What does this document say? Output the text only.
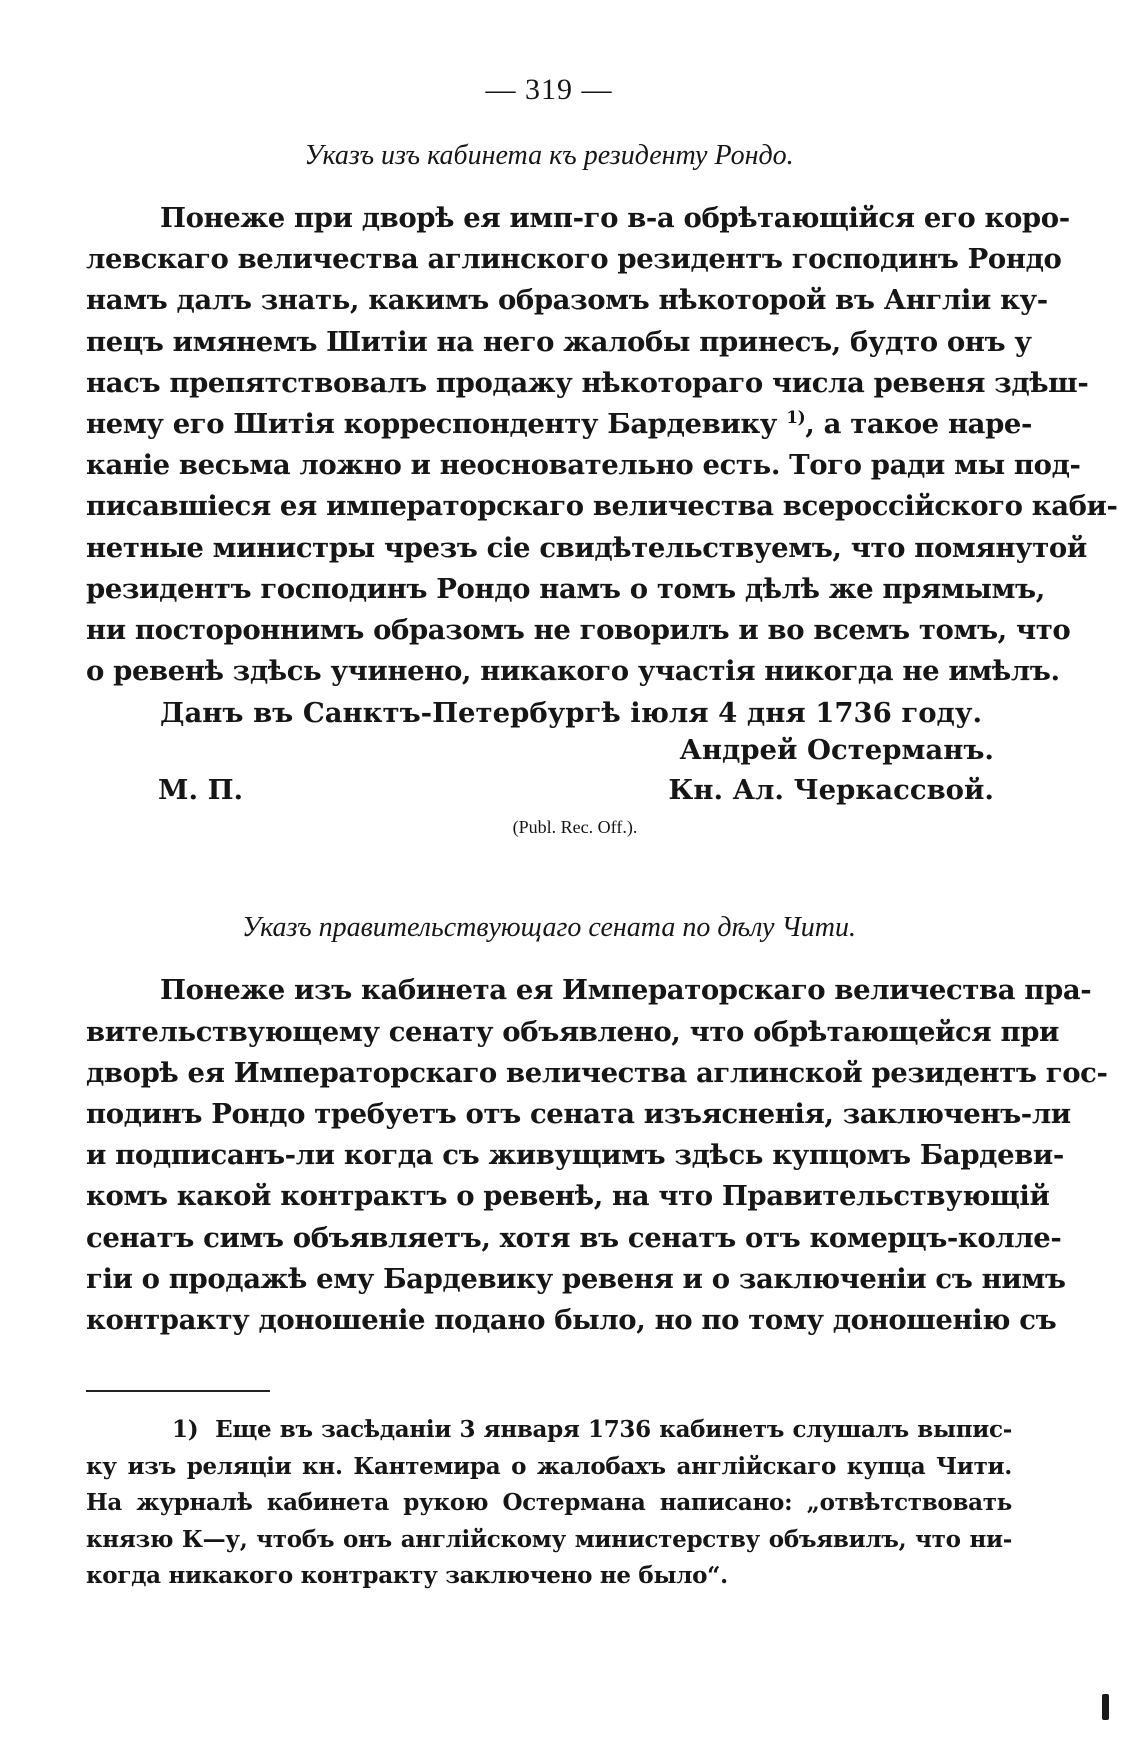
— 319 —
Указъ изъ кабинета къ резиденту Рондо.
Понеже при дворѣ ея имп-го в-а обрѣтающійся его коро-
левскаго величества аглинского резидентъ господинъ Рондо
намъ далъ знать, какимъ образомъ нѣкоторой въ Англіи ку-
пецъ имянемъ Шитіи на него жалобы принесъ, будто онъ у
насъ препятствовалъ продажу нѣкотораго числа ревеня здѣш-
нему его Шитія корреспонденту Бардевику $^{1)}$, а такое наре-
каніе весьма ложно и неосновательно есть. Того ради мы под-
писавшіеся ея императорскаго величества всероссійского каби-
нетные министры чрезъ сіе свидѣтельствуемъ, что помянутой
резидентъ господинъ Рондо намъ о томъ дѣлѣ же прямымъ,
ни постороннимъ образомъ не говорилъ и во всемъ томъ, что
о ревенѣ здѣсь учинено, никакого участія никогда не имѣлъ.
Данъ въ Санктъ-Петербургѣ іюля 4 дня 1736 году.
Андрей Остерманъ.
М. П.	Кн. Ал. Черкассвой.
(Publ. Rec. Off.).
Указъ правительствующаго сената по дѣлу Чити.
Понеже изъ кабинета ея Императорскаго величества пра-
вительствующему сенату объявлено, что обрѣтающейся при
дворѣ ея Императорскаго величества аглинской резидентъ гос-
подинъ Рондо требуетъ отъ сената изъясненія, заключенъ-ли
и подписанъ-ли когда съ живущимъ здѣсь купцомъ Бардеви-
комъ какой контрактъ о ревенѣ, на что Правительствующій
сенатъ симъ объявляетъ, хотя въ сенатъ отъ комерцъ-колле-
гіи о продажѣ ему Бардевику ревеня и о заключеніи съ нимъ
контракту доношеніе подано было, но по тому доношенію съ
1) Еще въ засѣданіи 3 января 1736 кабинетъ слушалъ выпис-
ку изъ реляціи кн. Кантемира о жалобахъ англійскаго купца Чити.
На журналѣ кабинета рукою Остермана написано: „отвѣтствовать
князю К—у, чтобъ онъ англійскому министерству объявилъ, что ни-
когда никакого контракту заключено не было“.
